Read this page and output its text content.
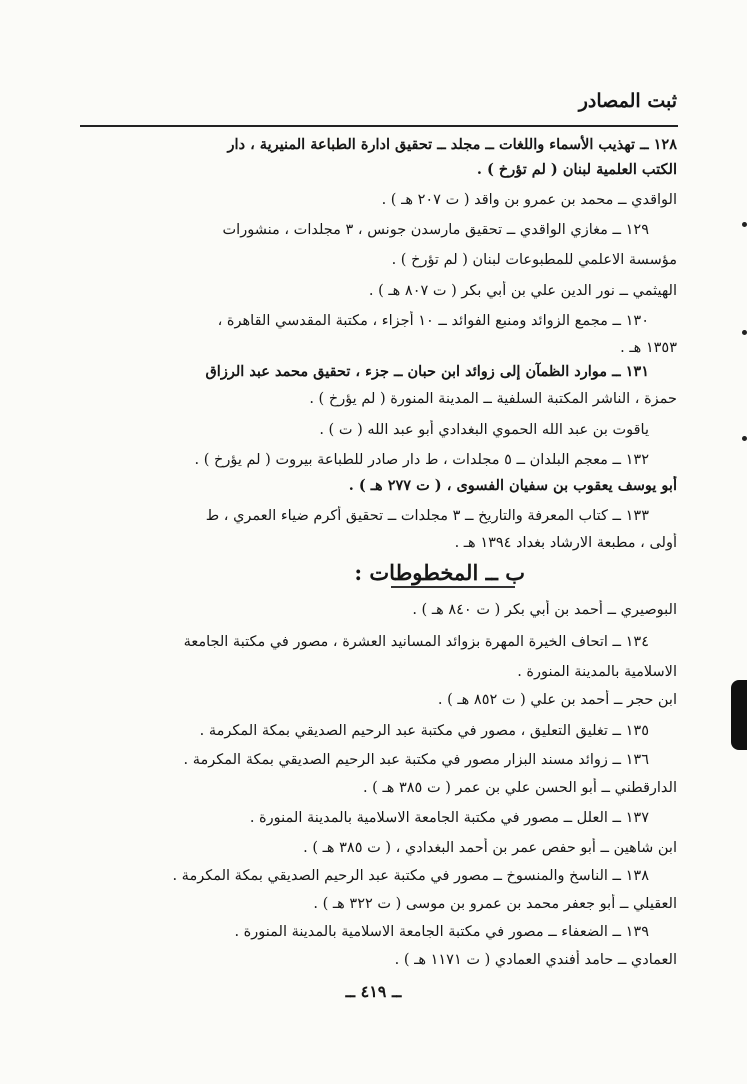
ثبت المصادر
١٢٨ ــ تهذيب الأسماء واللغات ــ مجلد ــ تحقيق ادارة الطباعة المنيرية ، دار
الكتب العلمية لبنان ( لم تؤرخ ) .
الواقدي ــ محمد بن عمرو بن واقد ( ت ٢٠٧ هـ ) .
١٢٩ ــ مغازي الواقدي ــ تحقيق مارسدن جونس ، ٣ مجلدات ، منشورات
مؤسسة الاعلمي للمطبوعات لبنان ( لم تؤرخ ) .
الهيثمي ــ نور الدين علي بن أبي بكر ( ت ٨٠٧ هـ ) .
١٣٠ ــ مجمع الزوائد ومنبع الفوائد ــ ١٠ أجزاء ، مكتبة المقدسي القاهرة ،
١٣٥٣ هـ .
١٣١ ــ موارد الظمآن إلى زوائد ابن حبان ــ جزء ، تحقيق محمد عبد الرزاق
حمزة ، الناشر المكتبة السلفية ــ المدينة المنورة ( لم يؤرخ ) .
ياقوت بن عبد الله الحموي البغدادي أبو عبد الله ( ت ) .
١٣٢ ــ معجم البلدان ــ ٥ مجلدات ، ط دار صادر للطباعة بيروت ( لم يؤرخ ) .
أبو يوسف يعقوب بن سفيان الفسوى ، ( ت ٢٧٧ هـ ) .
١٣٣ ــ كتاب المعرفة والتاريخ ــ ٣ مجلدات ــ تحقيق أكرم ضياء العمري ، ط
أولى ، مطبعة الارشاد بغداد ١٣٩٤ هـ .
ب ــ المخطوطات :
البوصيري ــ أحمد بن أبي بكر ( ت ٨٤٠ هـ ) .
١٣٤ ــ اتحاف الخيرة المهرة بزوائد المسانيد العشرة ، مصور في مكتبة الجامعة
الاسلامية بالمدينة المنورة .
ابن حجر ــ أحمد بن علي ( ت ٨٥٢ هـ ) .
١٣٥ ــ تغليق التعليق ، مصور في مكتبة عبد الرحيم الصديقي بمكة المكرمة .
١٣٦ ــ زوائد مسند البزار مصور في مكتبة عبد الرحيم الصديقي بمكة المكرمة .
الدارقطني ــ أبو الحسن علي بن عمر ( ت ٣٨٥ هـ ) .
١٣٧ ــ العلل ــ مصور في مكتبة الجامعة الاسلامية بالمدينة المنورة .
ابن شاهين ــ أبو حفص عمر بن أحمد البغدادي ، ( ت ٣٨٥ هـ ) .
١٣٨ ــ الناسخ والمنسوخ ــ مصور في مكتبة عبد الرحيم الصديقي بمكة المكرمة .
العقيلي ــ أبو جعفر محمد بن عمرو بن موسى ( ت ٣٢٢ هـ ) .
١٣٩ ــ الضعفاء ــ مصور في مكتبة الجامعة الاسلامية بالمدينة المنورة .
العمادي ــ حامد أفندي العمادي ( ت ١١٧١ هـ ) .
ــ ٤١٩ ــ
